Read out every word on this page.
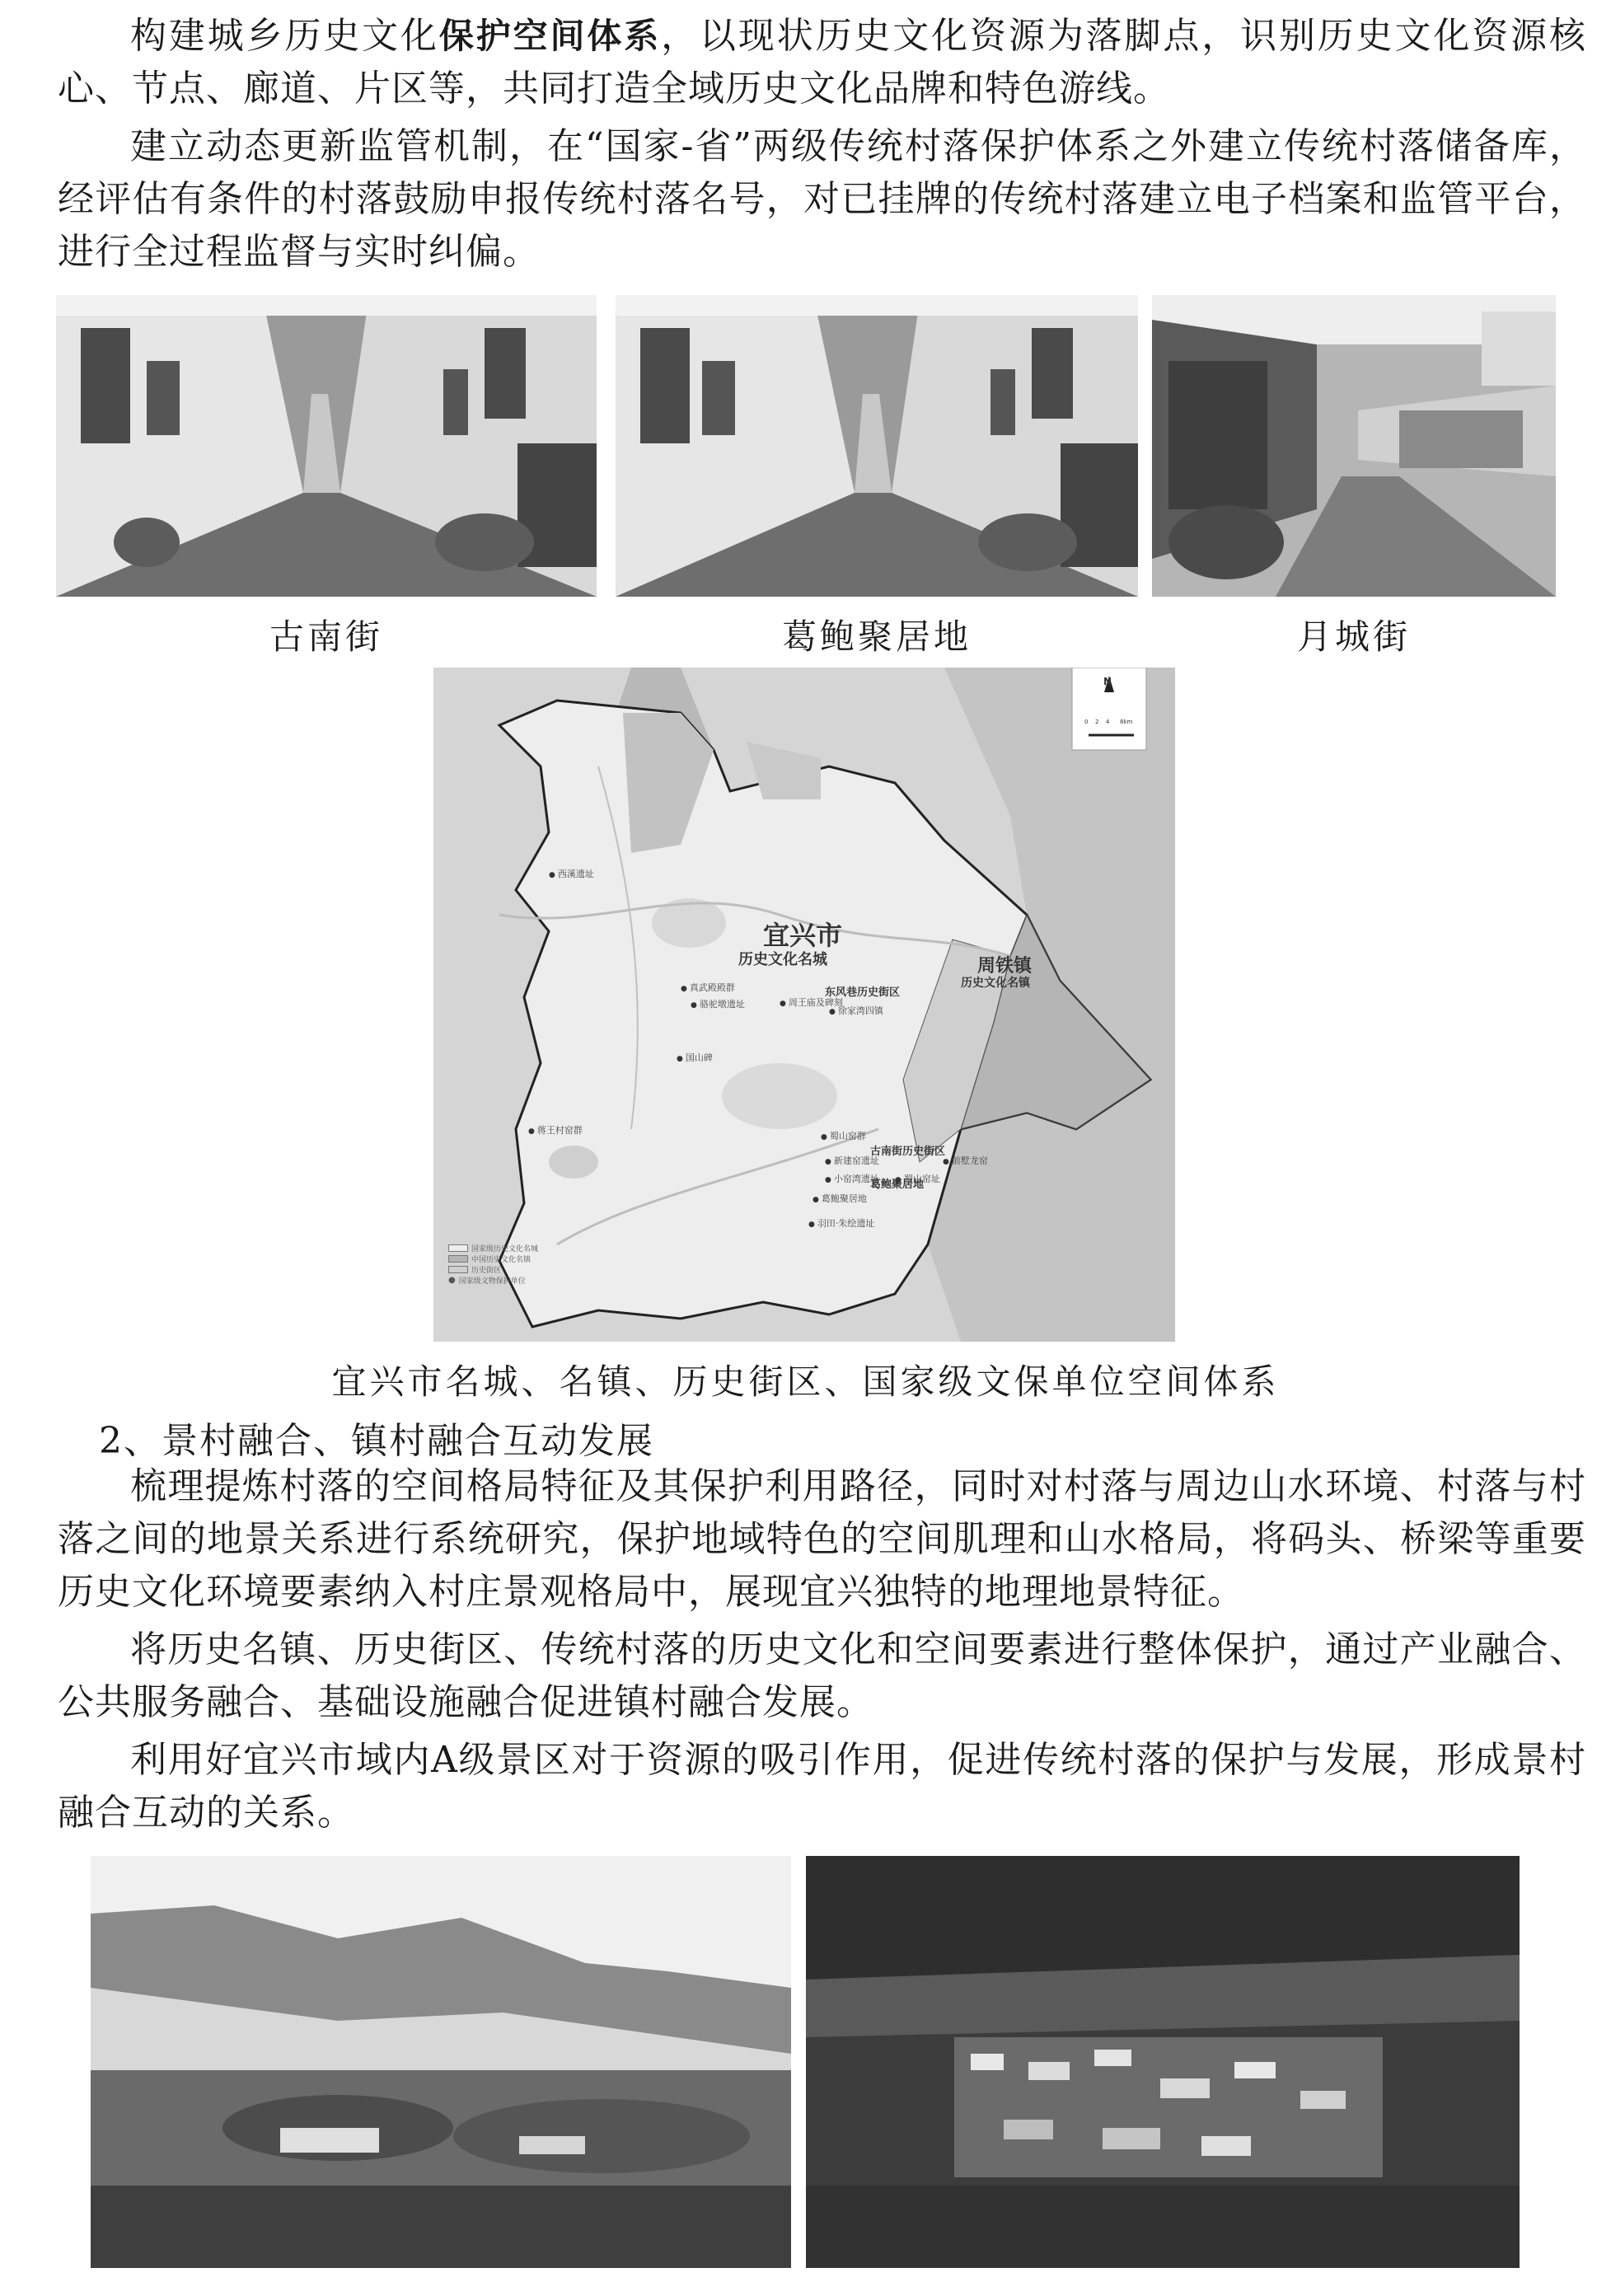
构建城乡历史文化保护空间体系，以现状历史文化资源为落脚点，识别历史文化资源核心、节点、廊道、片区等，共同打造全域历史文化品牌和特色游线。

建立动态更新监管机制，在“国家-省”两级传统村落保护体系之外建立传统村落储备库，经评估有条件的村落鼓励申报传统村落名号，对已挂牌的传统村落建立电子档案和监管平台，进行全过程监督与实时纠偏。

古南街	葛鲍聚居地	月城街
N
0 2 4 8km
宜兴市
历史文化名城	周铁镇
历史文化名镇
东风巷历史街区
古南街历史街区
葛鲍聚居地
● 西溪遗址
● 骆驼墩遗址
●	周王庙及碑刻
● 徐家湾四镇
● 真武殿殿群
● 国山碑
● 前墅龙窑
● 蜀山窑群
● 葛鲍聚居地
● 小窑湾遗址
● 羽田·朱绘遗址
● 蒋王村窑群
● 新建窑遗址
● 蜀山窑址
国家级历史文化名城
中国历史文化名镇
历史街区
● 国家级文物保护单位
宜兴市名城、名镇、历史街区、国家级文保单位空间体系
2、景村融合、镇村融合互动发展

梳理提炼村落的空间格局特征及其保护利用路径，同时对村落与周边山水环境、村落与村落之间的地景关系进行系统研究，保护地域特色的空间肌理和山水格局，将码头、桥梁等重要历史文化环境要素纳入村庄景观格局中，展现宜兴独特的地理地景特征。

将历史名镇、历史街区、传统村落的历史文化和空间要素进行整体保护，通过产业融合、公共服务融合、基础设施融合促进镇村融合发展。

利用好宜兴市域内A级景区对于资源的吸引作用，促进传统村落的保护与发展，形成景村融合互动的关系。
